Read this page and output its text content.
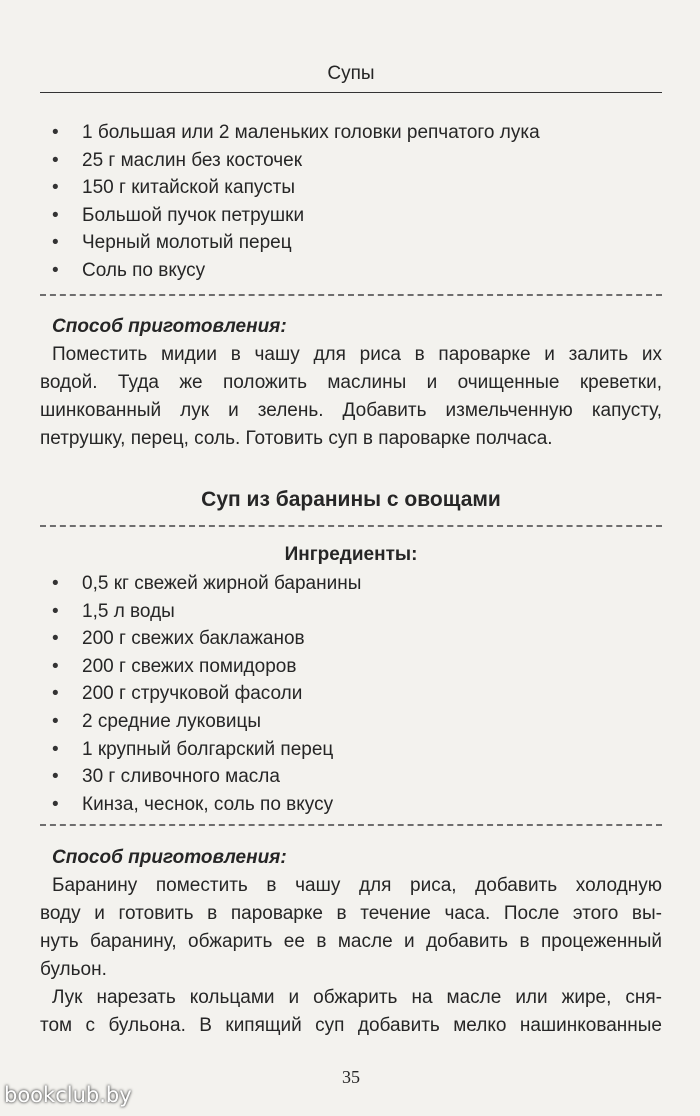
Супы
• 1 большая или 2 маленьких головки репчатого лука
• 25 г маслин без косточек
• 150 г китайской капусты
• Большой пучок петрушки
• Черный молотый перец
• Соль по вкусу
Способ приготовления:
Поместить мидии в чашу для риса в пароварке и залить их
водой. Туда же положить маслины и очищенные креветки,
шинкованный лук и зелень. Добавить измельченную капусту,
петрушку, перец, соль. Готовить суп в пароварке полчаса.
Суп из баранины с овощами
Ингредиенты:
• 0,5 кг свежей жирной баранины
• 1,5 л воды
• 200 г свежих баклажанов
• 200 г свежих помидоров
• 200 г стручковой фасоли
• 2 средние луковицы
• 1 крупный болгарский перец
• 30 г сливочного масла
• Кинза, чеснок, соль по вкусу
Способ приготовления:
Баранину поместить в чашу для риса, добавить холодную
воду и готовить в пароварке в течение часа. После этого вы-
нуть баранину, обжарить ее в масле и добавить в процеженный
бульон.
Лук нарезать кольцами и обжарить на масле или жире, сня-
том с бульона. В кипящий суп добавить мелко нашинкованные
35
bookclub.by
